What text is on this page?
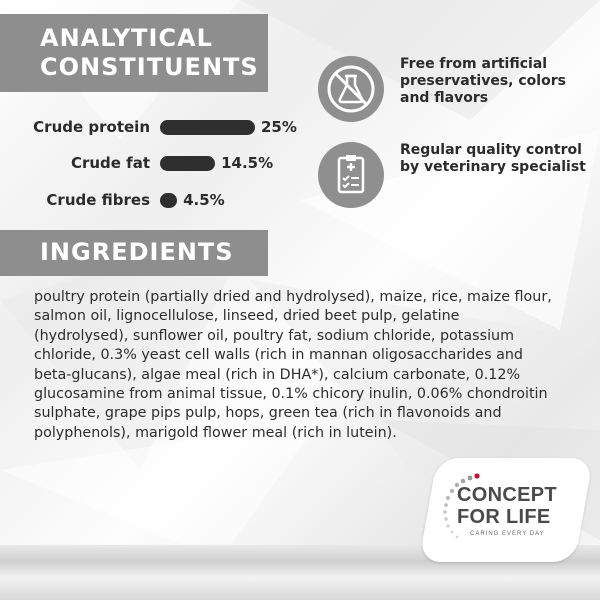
ANALYTICAL
CONSTITUENTS
Crude protein	25%
Crude fat	14.5%
Crude fibres 4.5%
Free from artificial preservatives, colors and flavors
Regular quality control by veterinary specialist
INGREDIENTS
poultry protein (partially dried and hydrolysed), maize, rice, maize flour, salmon oil, lignocellulose, linseed, dried beet pulp, gelatine (hydrolysed), sunflower oil, poultry fat, sodium chloride, potassium chloride, 0.3% yeast cell walls (rich in mannan oligosaccharides and beta-glucans), algae meal (rich in DHA*), calcium carbonate, 0.12% glucosamine from animal tissue, 0.1% chicory inulin, 0.06% chondroitin sulphate, grape pips pulp, hops, green tea (rich in flavonoids and polyphenols), marigold flower meal (rich in lutein).
CONCEPT
FOR LIFE
CARING EVERY DAY
